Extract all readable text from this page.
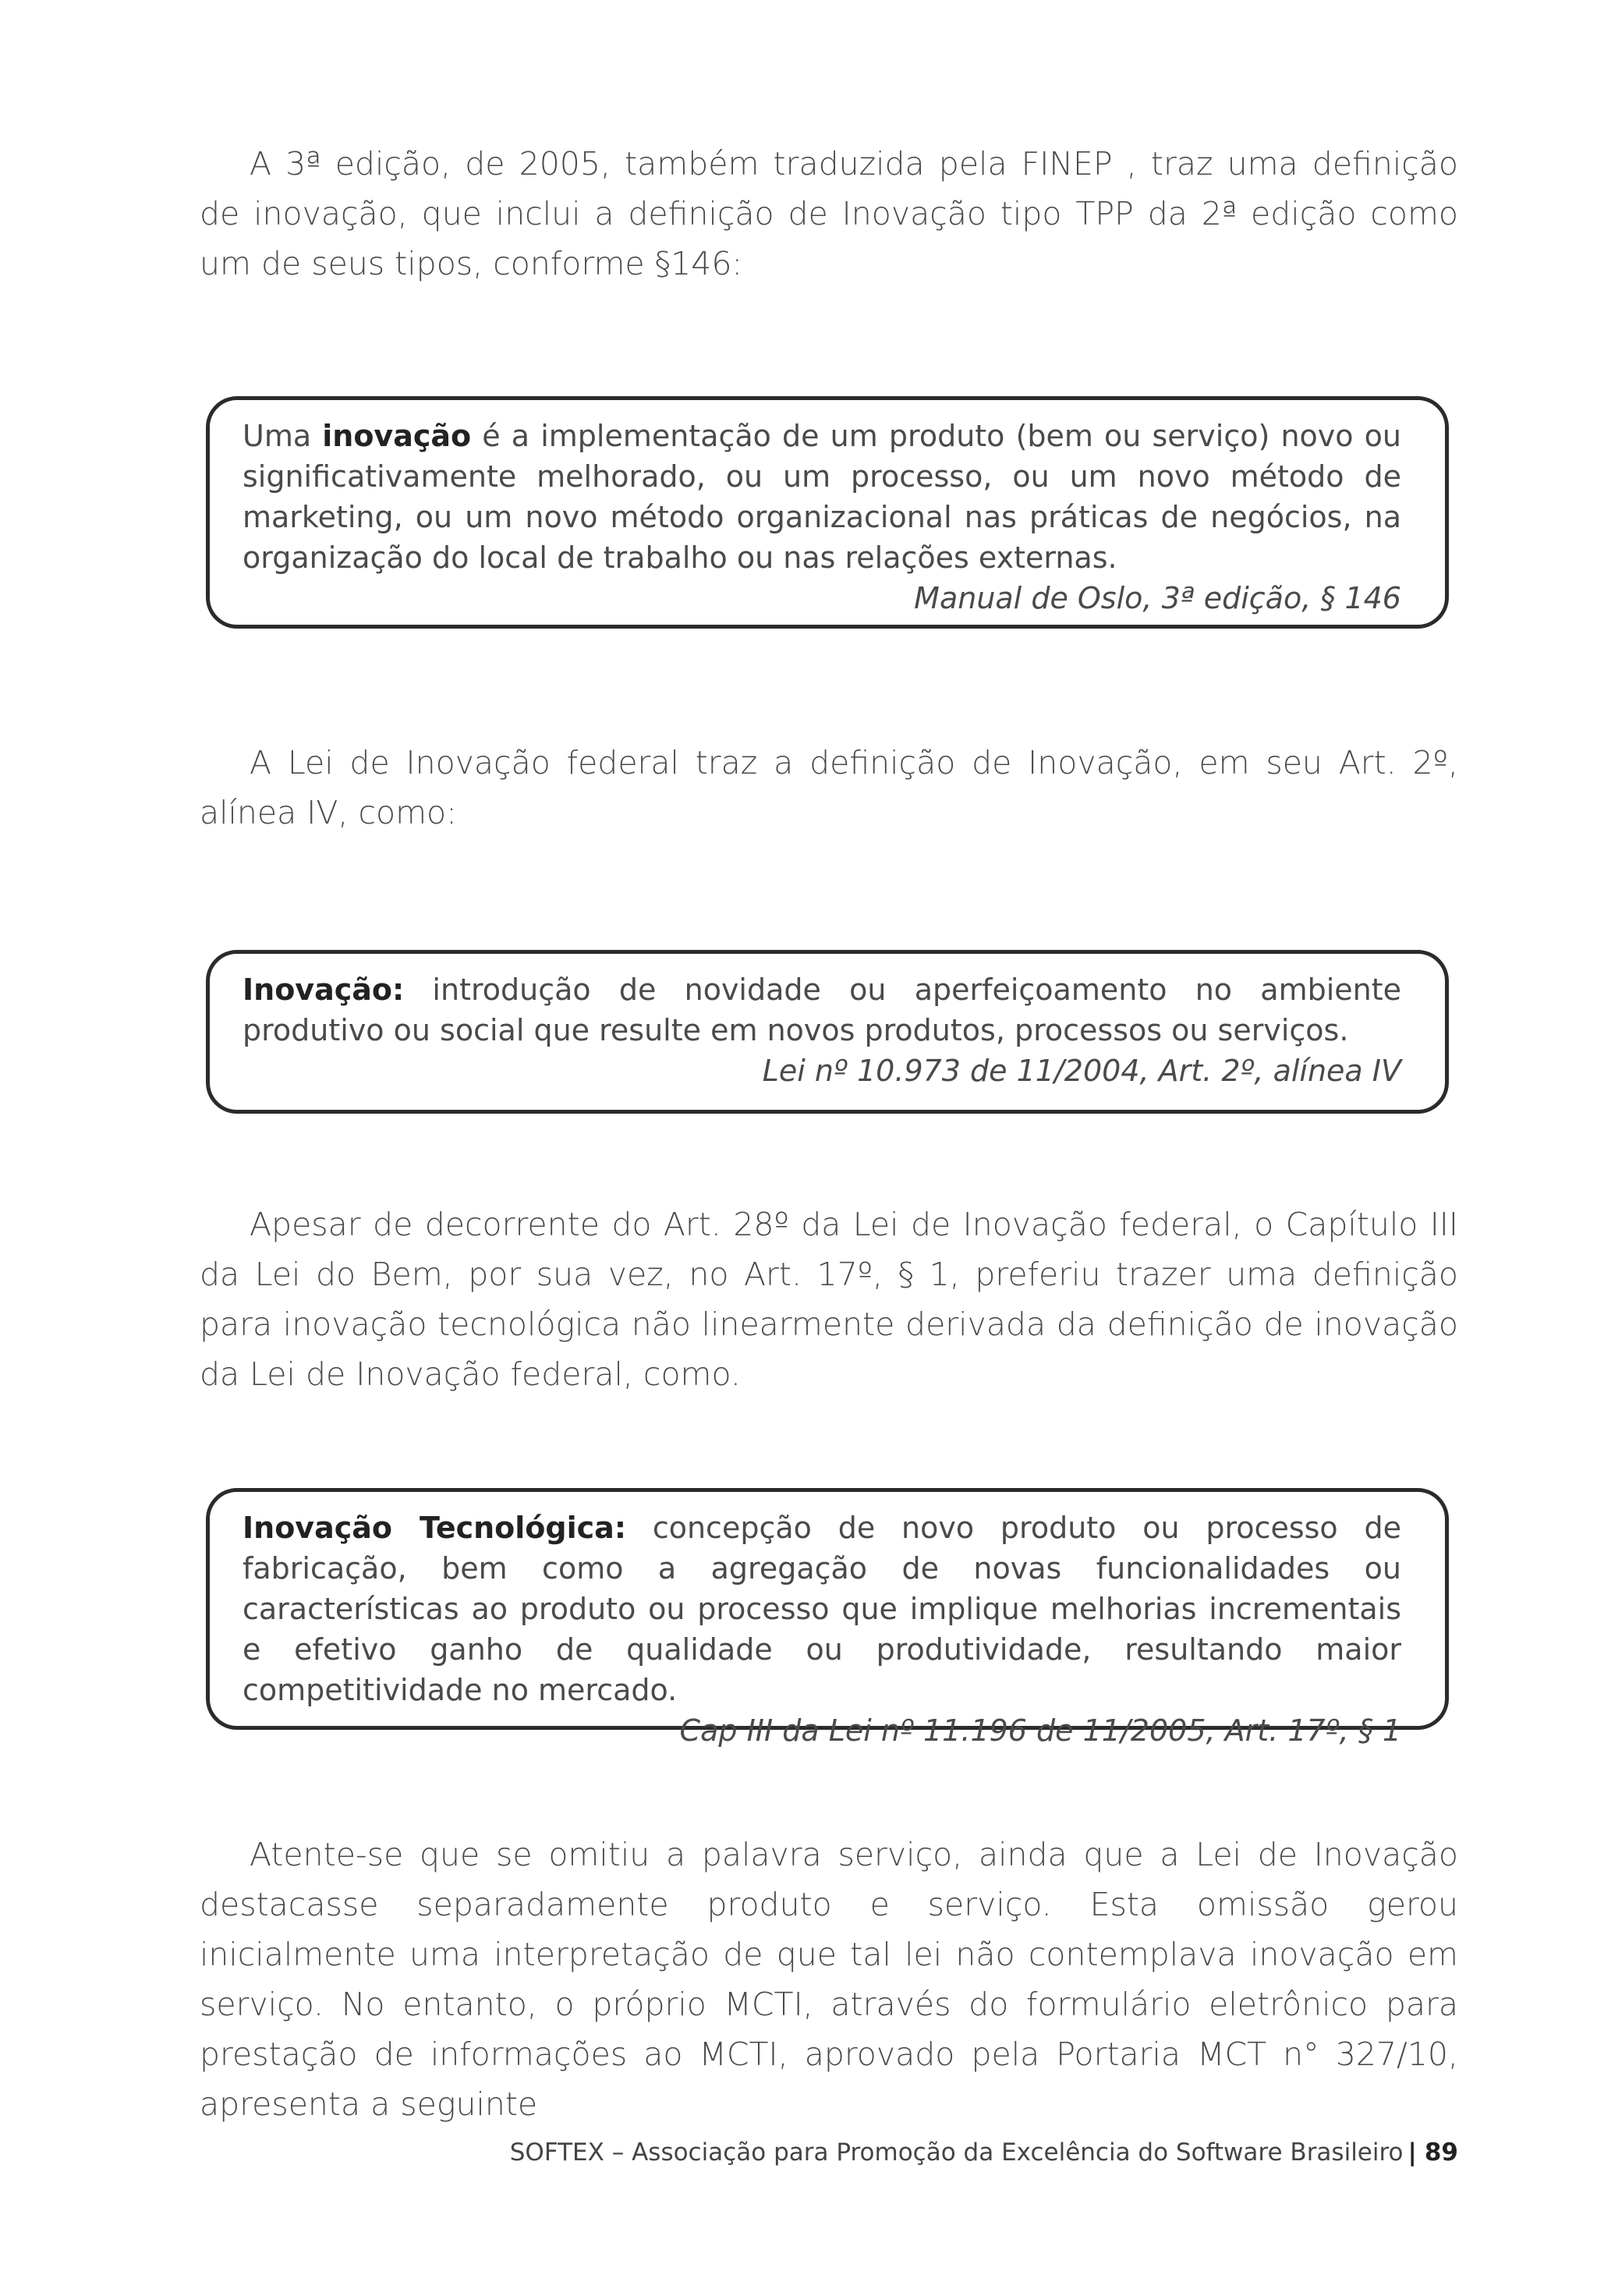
A 3ª edição, de 2005, também traduzida pela FINEP , traz uma definição de inovação, que inclui a definição de Inovação tipo TPP da 2ª edição como um de seus tipos, conforme §146:

Uma inovação é a implementação de um produto (bem ou serviço) novo ou significativamente melhorado, ou um processo, ou um novo método de marketing, ou um novo método organizacional nas práticas de negócios, na organização do local de trabalho ou nas relações externas.

Manual de Oslo, 3ª edição, § 146

A Lei de Inovação federal traz a definição de Inovação, em seu Art. 2º, alínea IV, como:

Inovação: introdução de novidade ou aperfeiçoamento no ambiente produtivo ou social que resulte em novos produtos, processos ou serviços.

Lei nº 10.973 de 11/2004, Art. 2º, alínea IV

Apesar de decorrente do Art. 28º da Lei de Inovação federal, o Capítulo III da Lei do Bem, por sua vez, no Art. 17º, § 1, preferiu trazer uma definição para inovação tecnológica não linearmente derivada da definição de inovação da Lei de Inovação federal, como.

Inovação Tecnológica: concepção de novo produto ou processo de fabricação, bem como a agregação de novas funcionalidades ou características ao produto ou processo que implique melhorias incrementais e efetivo ganho de qualidade ou produtividade, resultando maior competitividade no mercado.

Cap III da Lei nº 11.196 de 11/2005, Art. 17º, § 1

Atente-se que se omitiu a palavra serviço, ainda que a Lei de Inovação destacasse separadamente produto e serviço. Esta omissão gerou inicialmente uma interpretação de que tal lei não contemplava inovação em serviço. No entanto, o próprio MCTI, através do formulário eletrônico para prestação de informações ao MCTI, aprovado pela Portaria MCT n° 327/10, apresenta a seguinte

SOFTEX – Associação para Promoção da Excelência do Software Brasileiro | 89
